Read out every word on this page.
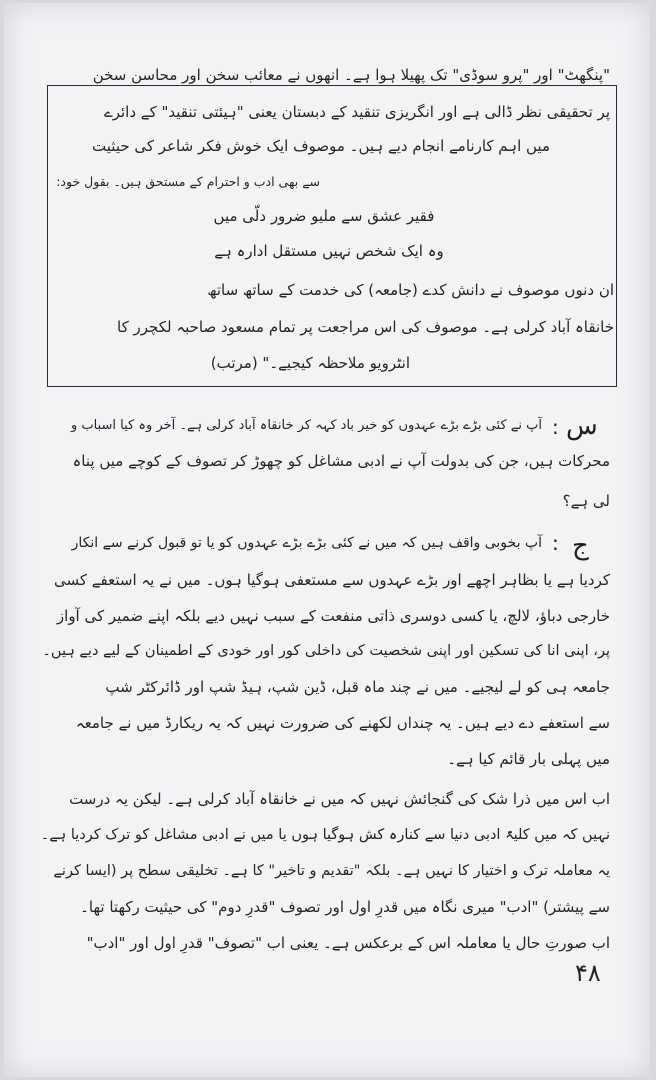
"پنگھٹ" اور "پرو سوڈی" تک پھیلا ہوا ہے۔ انھوں نے معائب سخن اور محاسن سخن
پر تحقیقی نظر ڈالی ہے اور انگریزی تنقید کے دبستان یعنی "ہیئتی تنقید" کے دائرے
میں اہم کارنامے انجام دیے ہیں۔ موصوف ایک خوش فکر شاعر کی حیثیت
سے بھی ادب و احترام کے مستحق ہیں۔ بقول خود:
فقیر عشق سے ملیو ضرور دلّی میں
وہ ایک شخص نہیں مستقل ادارہ ہے
ان دنوں موصوف نے دانش کدے (جامعہ) کی خدمت کے ساتھ ساتھ
خانقاہ آباد کرلی ہے۔ موصوف کی اس مراجعت پر تمام مسعود صاحبہ لکچرر کا
انٹرویو ملاحظہ کیجیے۔" (مرتب)
س
:
آپ نے کئی بڑے بڑے عہدوں کو خیر باد کہہ کر خانقاہ آباد کرلی ہے۔ آخر وہ کیا اسباب و
محرکات ہیں، جن کی بدولت آپ نے ادبی مشاغل کو چھوڑ کر تصوف کے کوچے میں پناہ
لی ہے؟
ج
:
آپ بخوبی واقف ہیں کہ میں نے کئی بڑے بڑے عہدوں کو یا تو قبول کرنے سے انکار
کردیا ہے یا بظاہر اچھے اور بڑے عہدوں سے مستعفی ہوگیا ہوں۔ میں نے یہ استعفے کسی
خارجی دباؤ، لالچ، یا کسی دوسری ذاتی منفعت کے سبب نہیں دیے بلکہ اپنے ضمیر کی آواز
پر، اپنی انا کی تسکین اور اپنی شخصیت کی داخلی کور اور خودی کے اطمینان کے لیے دیے ہیں۔
جامعہ ہی کو لے لیجیے۔ میں نے چند ماہ قبل، ڈین شپ، ہیڈ شپ اور ڈائرکٹر شپ
سے استعفے دے دیے ہیں۔ یہ چنداں لکھنے کی ضرورت نہیں کہ یہ ریکارڈ میں نے جامعہ
میں پہلی بار قائم کیا ہے۔
اب اس میں ذرا شک کی گنجائش نہیں کہ میں نے خانقاہ آباد کرلی ہے۔ لیکن یہ درست
نہیں کہ میں کلیۃً ادبی دنیا سے کنارہ کش ہوگیا ہوں یا میں نے ادبی مشاغل کو ترک کردیا ہے۔
یہ معاملہ ترک و اختیار کا نہیں ہے۔ بلکہ "تقدیم و تاخیر" کا ہے۔ تخلیقی سطح پر (ایسا کرنے
سے پیشتر) "ادب" میری نگاہ میں قدرِ اول اور تصوف "قدرِ دوم" کی حیثیت رکھتا تھا۔
اب صورتِ حال یا معاملہ اس کے برعکس ہے۔ یعنی اب "تصوف" قدرِ اول اور "ادب"
۴۸
